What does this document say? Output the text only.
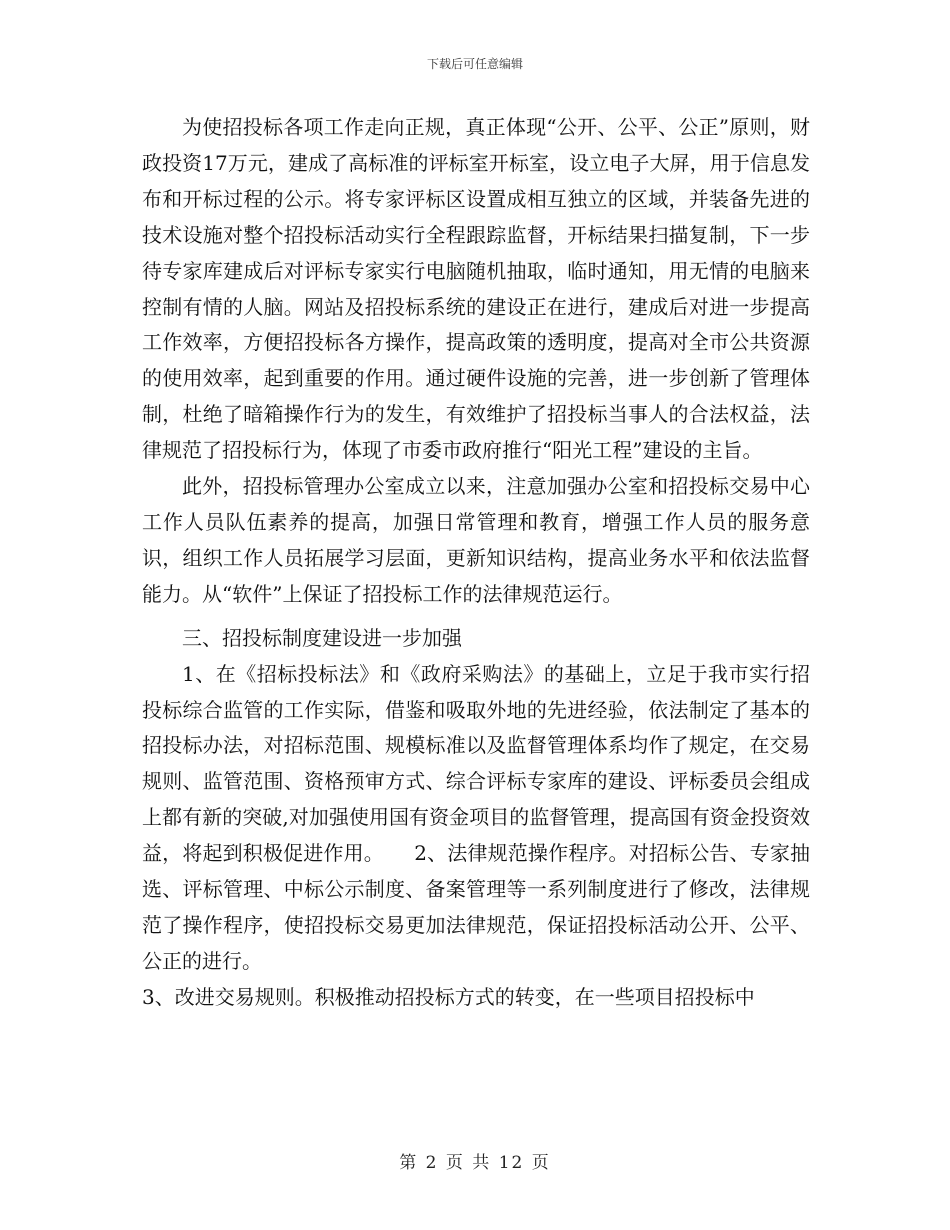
下载后可任意编辑

为使招投标各项工作走向正规，真正体现“公开、公平、公正”原则，财政投资17万元，建成了高标准的评标室开标室，设立电子大屏，用于信息发布和开标过程的公示。将专家评标区设置成相互独立的区域，并装备先进的技术设施对整个招投标活动实行全程跟踪监督，开标结果扫描复制，下一步待专家库建成后对评标专家实行电脑随机抽取，临时通知，用无情的电脑来控制有情的人脑。网站及招投标系统的建设正在进行，建成后对进一步提高工作效率，方便招投标各方操作，提高政策的透明度，提高对全市公共资源的使用效率，起到重要的作用。通过硬件设施的完善，进一步创新了管理体制，杜绝了暗箱操作行为的发生，有效维护了招投标当事人的合法权益，法律规范了招投标行为，体现了市委市政府推行“阳光工程”建设的主旨。

此外，招投标管理办公室成立以来，注意加强办公室和招投标交易中心工作人员队伍素养的提高，加强日常管理和教育，增强工作人员的服务意识，组织工作人员拓展学习层面，更新知识结构，提高业务水平和依法监督能力。从“软件”上保证了招投标工作的法律规范运行。

三、招投标制度建设进一步加强

1、在《招标投标法》和《政府采购法》的基础上，立足于我市实行招投标综合监管的工作实际，借鉴和吸取外地的先进经验，依法制定了基本的招投标办法，对招标范围、规模标准以及监督管理体系均作了规定，在交易规则、监管范围、资格预审方式、综合评标专家库的建设、评标委员会组成上都有新的突破,对加强使用国有资金项目的监督管理，提高国有资金投资效益，将起到积极促进作用。　　2、法律规范操作程序。对招标公告、专家抽选、评标管理、中标公示制度、备案管理等一系列制度进行了修改，法律规范了操作程序，使招投标交易更加法律规范，保证招投标活动公开、公平、公正的进行。

3、改进交易规则。积极推动招投标方式的转变，在一些项目招投标中

第 2 页 共 12 页
